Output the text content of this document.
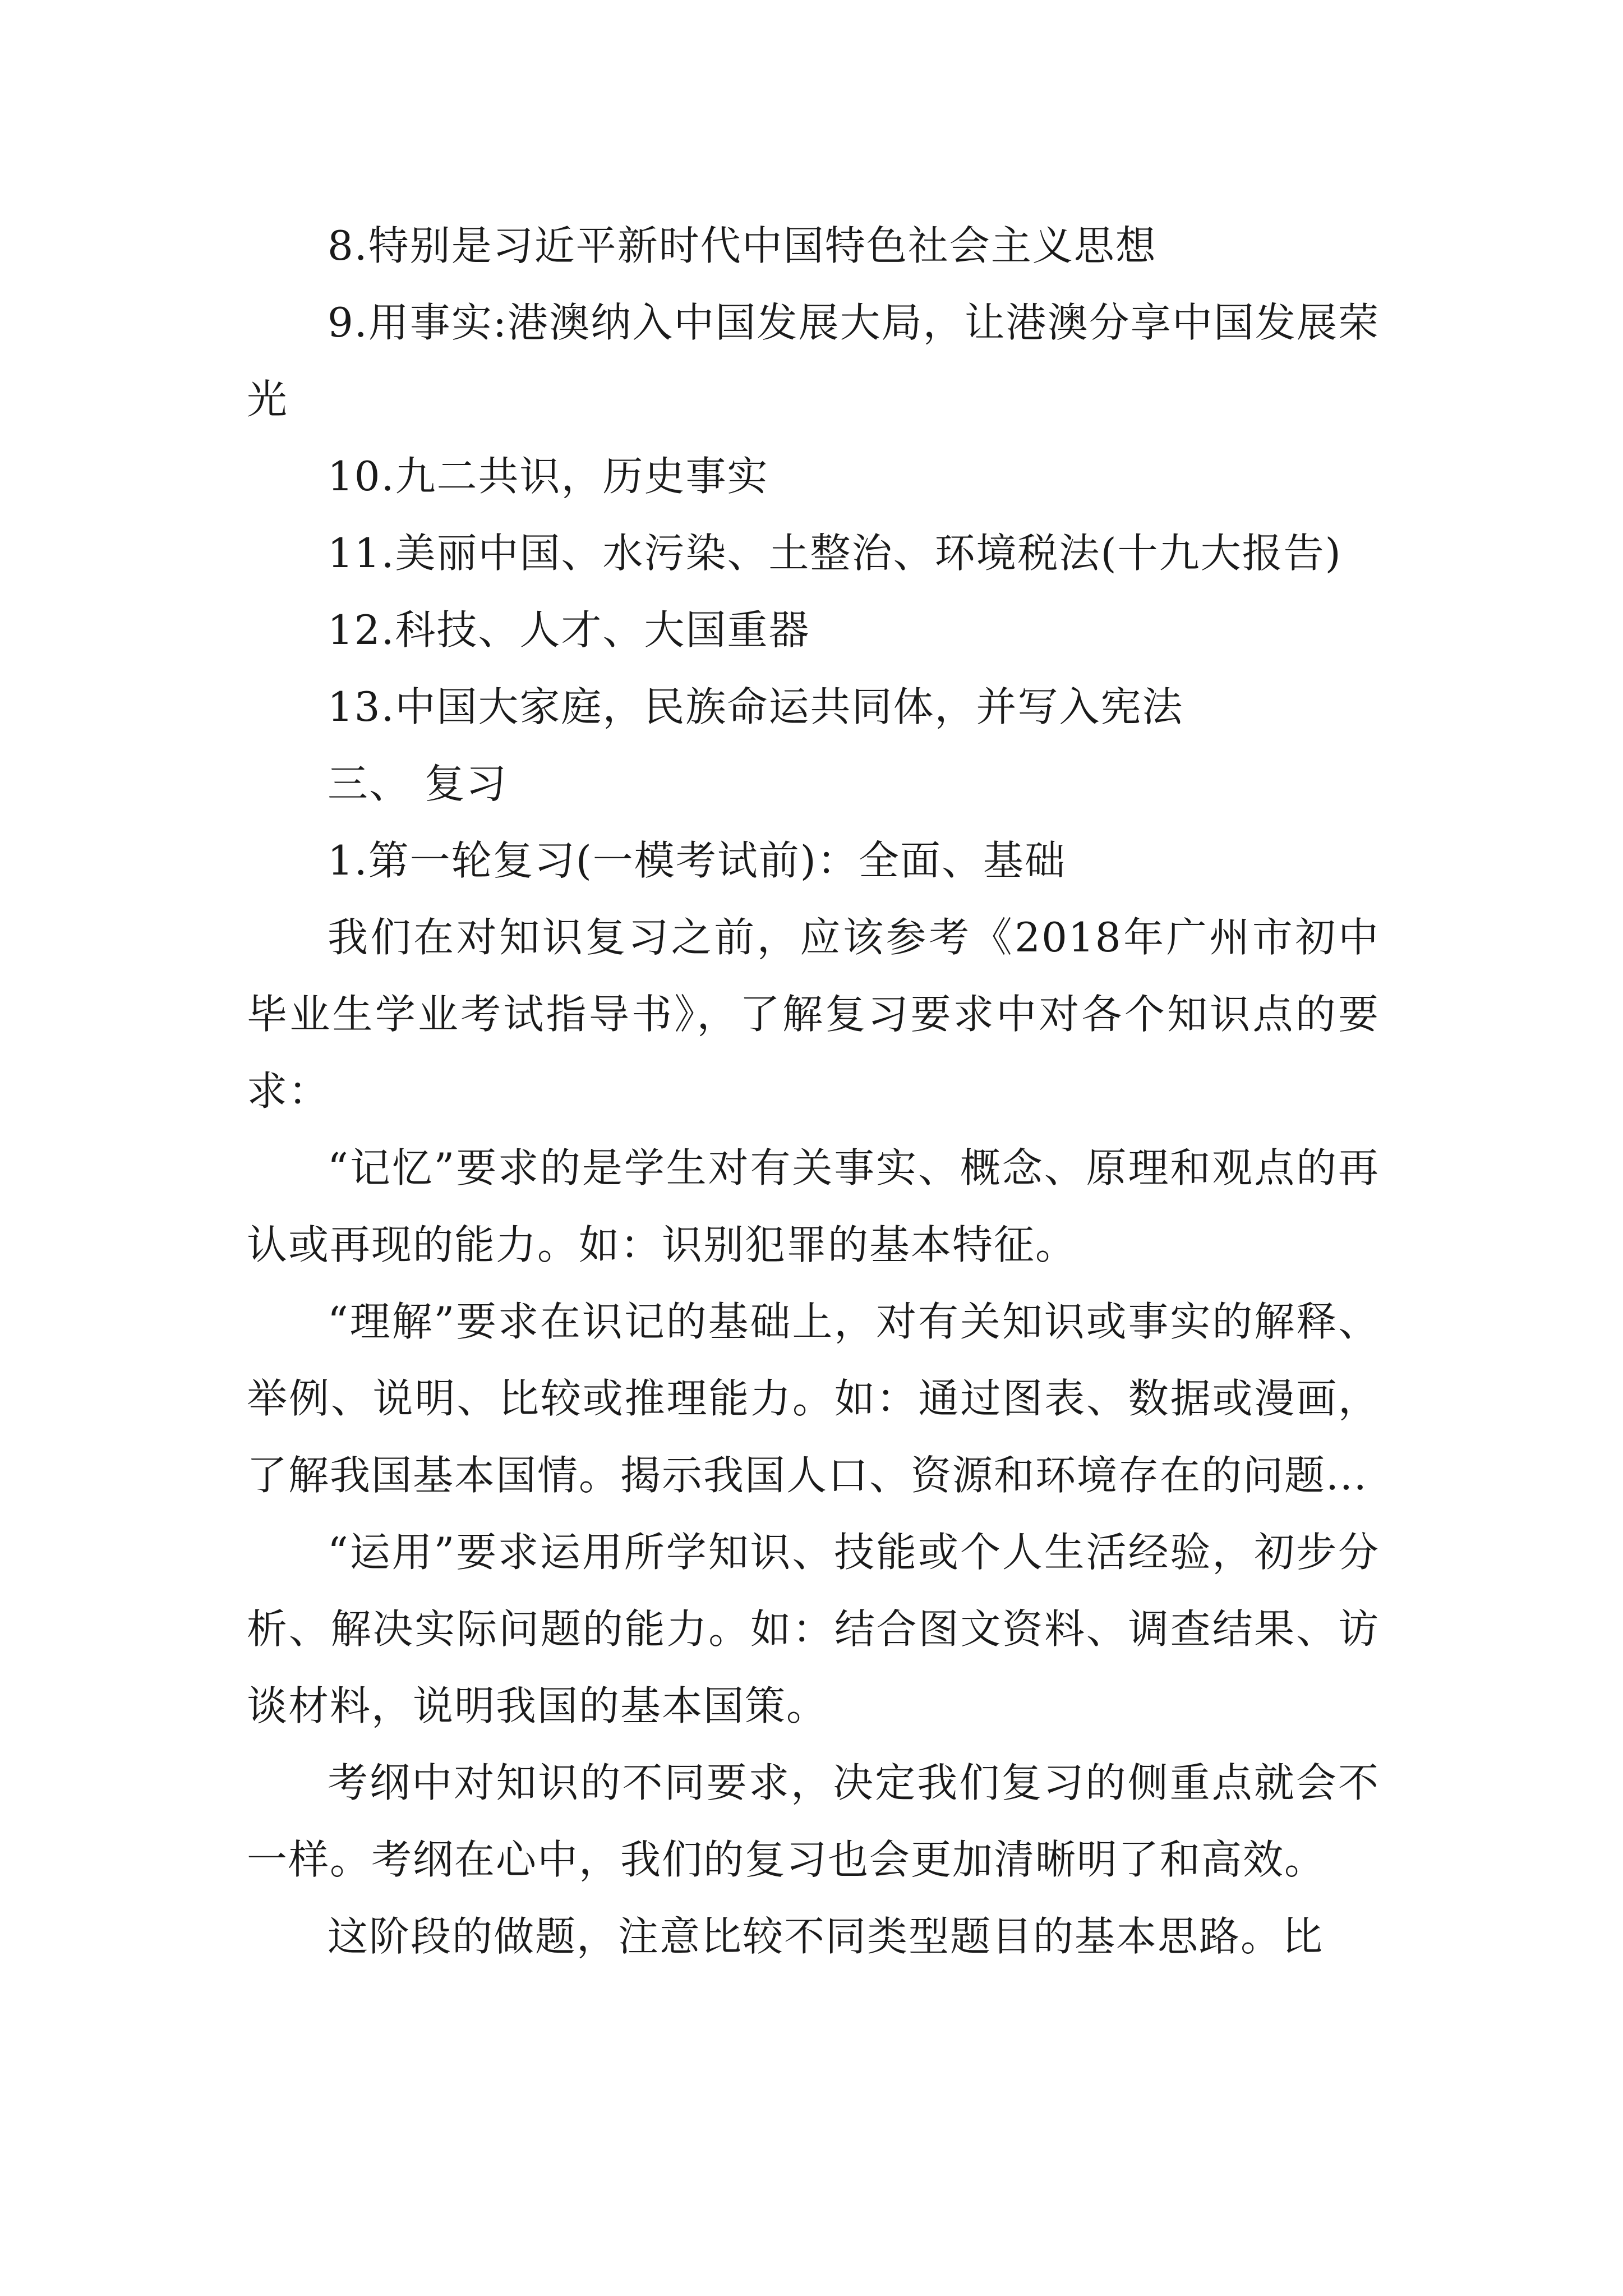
8.特别是习近平新时代中国特色社会主义思想

9.用事实:港澳纳入中国发展大局，让港澳分享中国发展荣光

10.九二共识，历史事实

11.美丽中国、水污染、土整治、环境税法(十九大报告)

12.科技、人才、大国重器

13.中国大家庭，民族命运共同体，并写入宪法

三、 复习

1.第一轮复习(一模考试前)：全面、基础

我们在对知识复习之前，应该参考《2018年广州市初中毕业生学业考试指导书》，了解复习要求中对各个知识点的要求：

“记忆”要求的是学生对有关事实、概念、原理和观点的再认或再现的能力。如：识别犯罪的基本特征。

“理解”要求在识记的基础上，对有关知识或事实的解释、举例、说明、比较或推理能力。如：通过图表、数据或漫画，了解我国基本国情。揭示我国人口、资源和环境存在的问题...

“运用”要求运用所学知识、技能或个人生活经验，初步分析、解决实际问题的能力。如：结合图文资料、调查结果、访谈材料，说明我国的基本国策。

考纲中对知识的不同要求，决定我们复习的侧重点就会不一样。考纲在心中，我们的复习也会更加清晰明了和高效。

这阶段的做题，注意比较不同类型题目的基本思路。比
